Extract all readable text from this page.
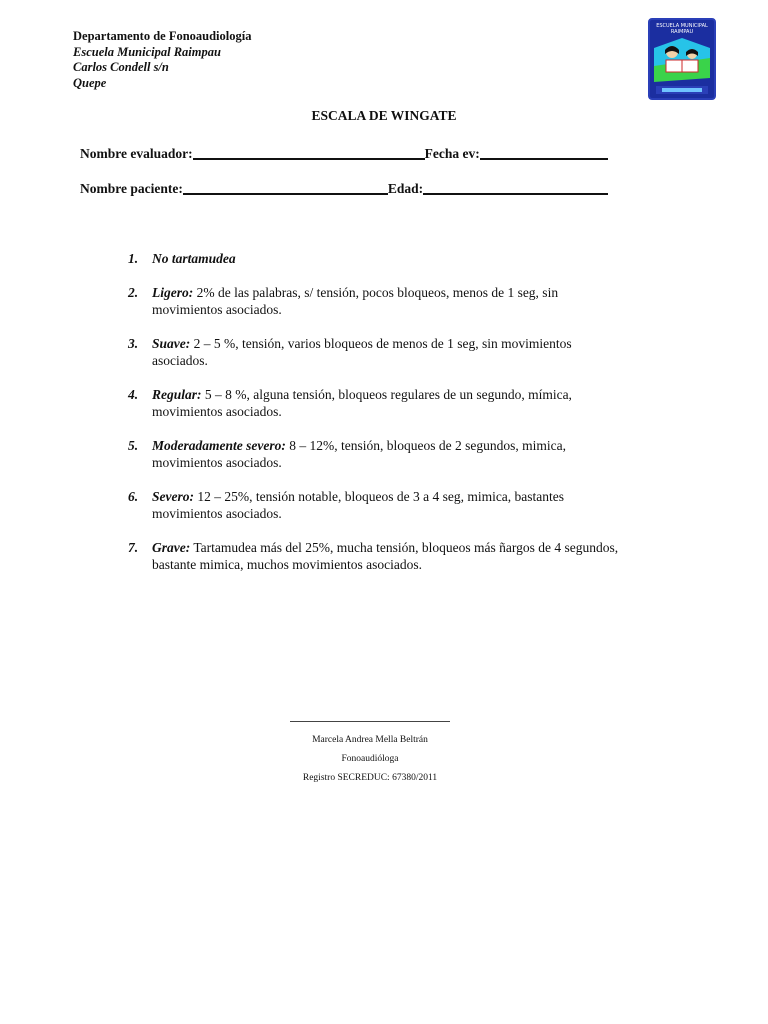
Departamento de Fonoaudiología
Escuela Municipal Raimpau
Carlos Condell s/n
Quepe
ESCUELA MUNICIPAL
RAIMPAU
ESCALA DE WINGATE
Nombre evaluador:	Fecha ev:
Nombre paciente:	Edad:
1. No tartamudea
2. Ligero: 2% de las palabras, s/ tensión, pocos bloqueos, menos de 1 seg, sin movimientos asociados.
3. Suave: 2 – 5 %, tensión, varios bloqueos de menos de 1 seg, sin movimientos asociados.
4. Regular: 5 – 8 %, alguna tensión, bloqueos regulares de un segundo, mímica, movimientos asociados.
5. Moderadamente severo: 8 – 12%, tensión, bloqueos de 2 segundos, mimica, movimientos asociados.
6. Severo: 12 – 25%, tensión notable, bloqueos de 3 a 4 seg, mimica, bastantes movimientos asociados.
7. Grave: Tartamudea más del 25%, mucha tensión, bloqueos más ñargos de 4 segundos, bastante mimica, muchos movimientos asociados.
Marcela Andrea Mella Beltrán
Fonoaudióloga
Registro SECREDUC: 67380/2011
